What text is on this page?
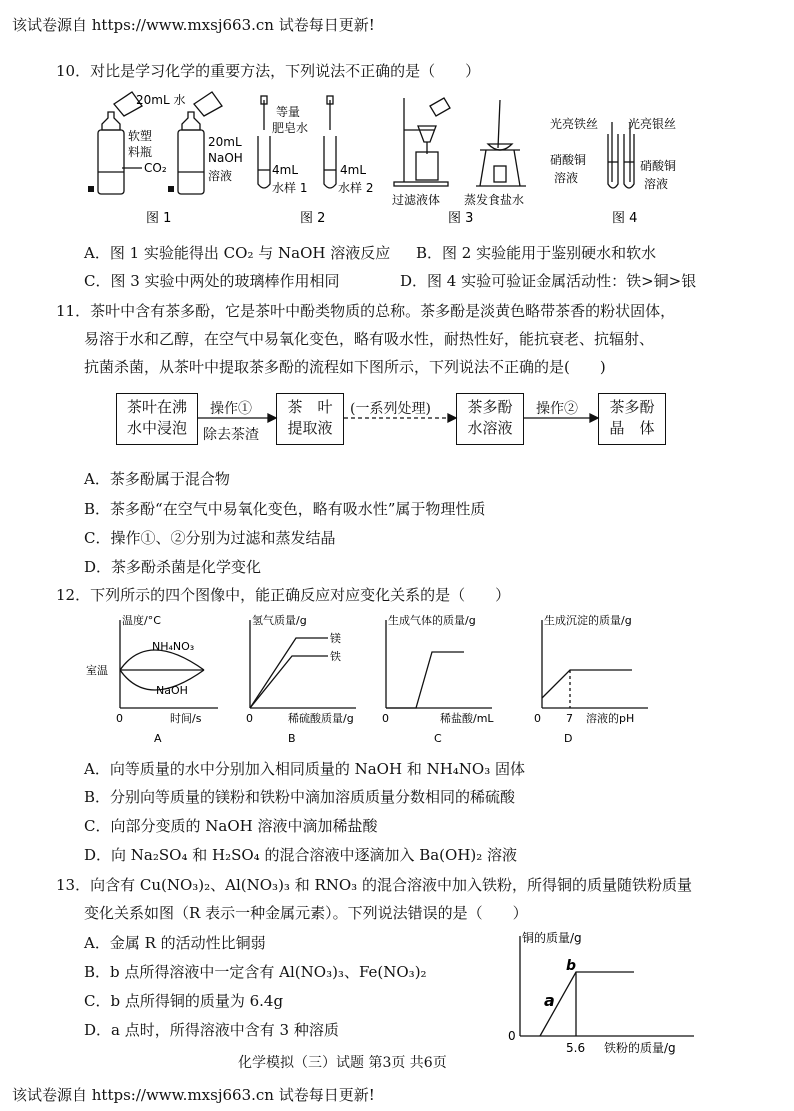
该试卷源自 https://www.mxsj663.cn 试卷每日更新!
10．对比是学习化学的重要方法，下列说法不正确的是（　　）
20mL 水
软塑
料瓶
CO₂
20mL
NaOH
溶液
图 1
等量
肥皂水
4mL
水样 1
4mL
水样 2
图 2
过滤液体 蒸发食盐水
图 3
光亮铁丝 光亮银丝
硝酸铜
溶液
硝酸铜
溶液
图 4
A．图 1 实验能得出 CO₂ 与 NaOH 溶液反应 B．图 2 实验能用于鉴别硬水和软水
C．图 3 实验中两处的玻璃棒作用相同	D．图 4 实验可验证金属活动性：铁>铜>银
11．茶叶中含有茶多酚，它是茶叶中酚类物质的总称。茶多酚是淡黄色略带茶香的粉状固体，
易溶于水和乙醇，在空气中易氧化变色，略有吸水性，耐热性好，能抗衰老、抗辐射、
抗菌杀菌，从茶叶中提取茶多酚的流程如下图所示，下列说法不正确的是(　　)
茶叶在沸
水中浸泡
操作①
除去茶渣
茶　叶
提取液
(一系列处理)	茶多酚
水溶液
操作②	茶多酚
晶　体
A．茶多酚属于混合物
B．茶多酚“在空气中易氧化变色，略有吸水性”属于物理性质
C．操作①、②分别为过滤和蒸发结晶
D．茶多酚杀菌是化学变化
12．下列所示的四个图像中，能正确反应对应变化关系的是（　　）
温度/°C
NH₄NO₃
室温
NaOH
0	时间/s
A
氢气质量/g
镁
铁
0	稀硫酸质量/g
B
生成气体的质量/g
0	稀盐酸/mL
C
生成沉淀的质量/g
0 7 溶液的pH
D
A．向等质量的水中分别加入相同质量的 NaOH 和 NH₄NO₃ 固体
B．分别向等质量的镁粉和铁粉中滴加溶质质量分数相同的稀硫酸
C．向部分变质的 NaOH 溶液中滴加稀盐酸
D．向 Na₂SO₄ 和 H₂SO₄ 的混合溶液中逐滴加入 Ba(OH)₂ 溶液
13．向含有 Cu(NO₃)₂、Al(NO₃)₃ 和 RNO₃ 的混合溶液中加入铁粉，所得铜的质量随铁粉质量
变化关系如图（R 表示一种金属元素）。下列说法错误的是（　　）
A．金属 R 的活动性比铜弱
B．b 点所得溶液中一定含有 Al(NO₃)₃、Fe(NO₃)₂
C．b 点所得铜的质量为 6.4g
D．a 点时，所得溶液中含有 3 种溶质
铜的质量/g
b
a
0
5.6 铁粉的质量/g
化学模拟（三）试题 第3页 共6页
该试卷源自 https://www.mxsj663.cn 试卷每日更新!
